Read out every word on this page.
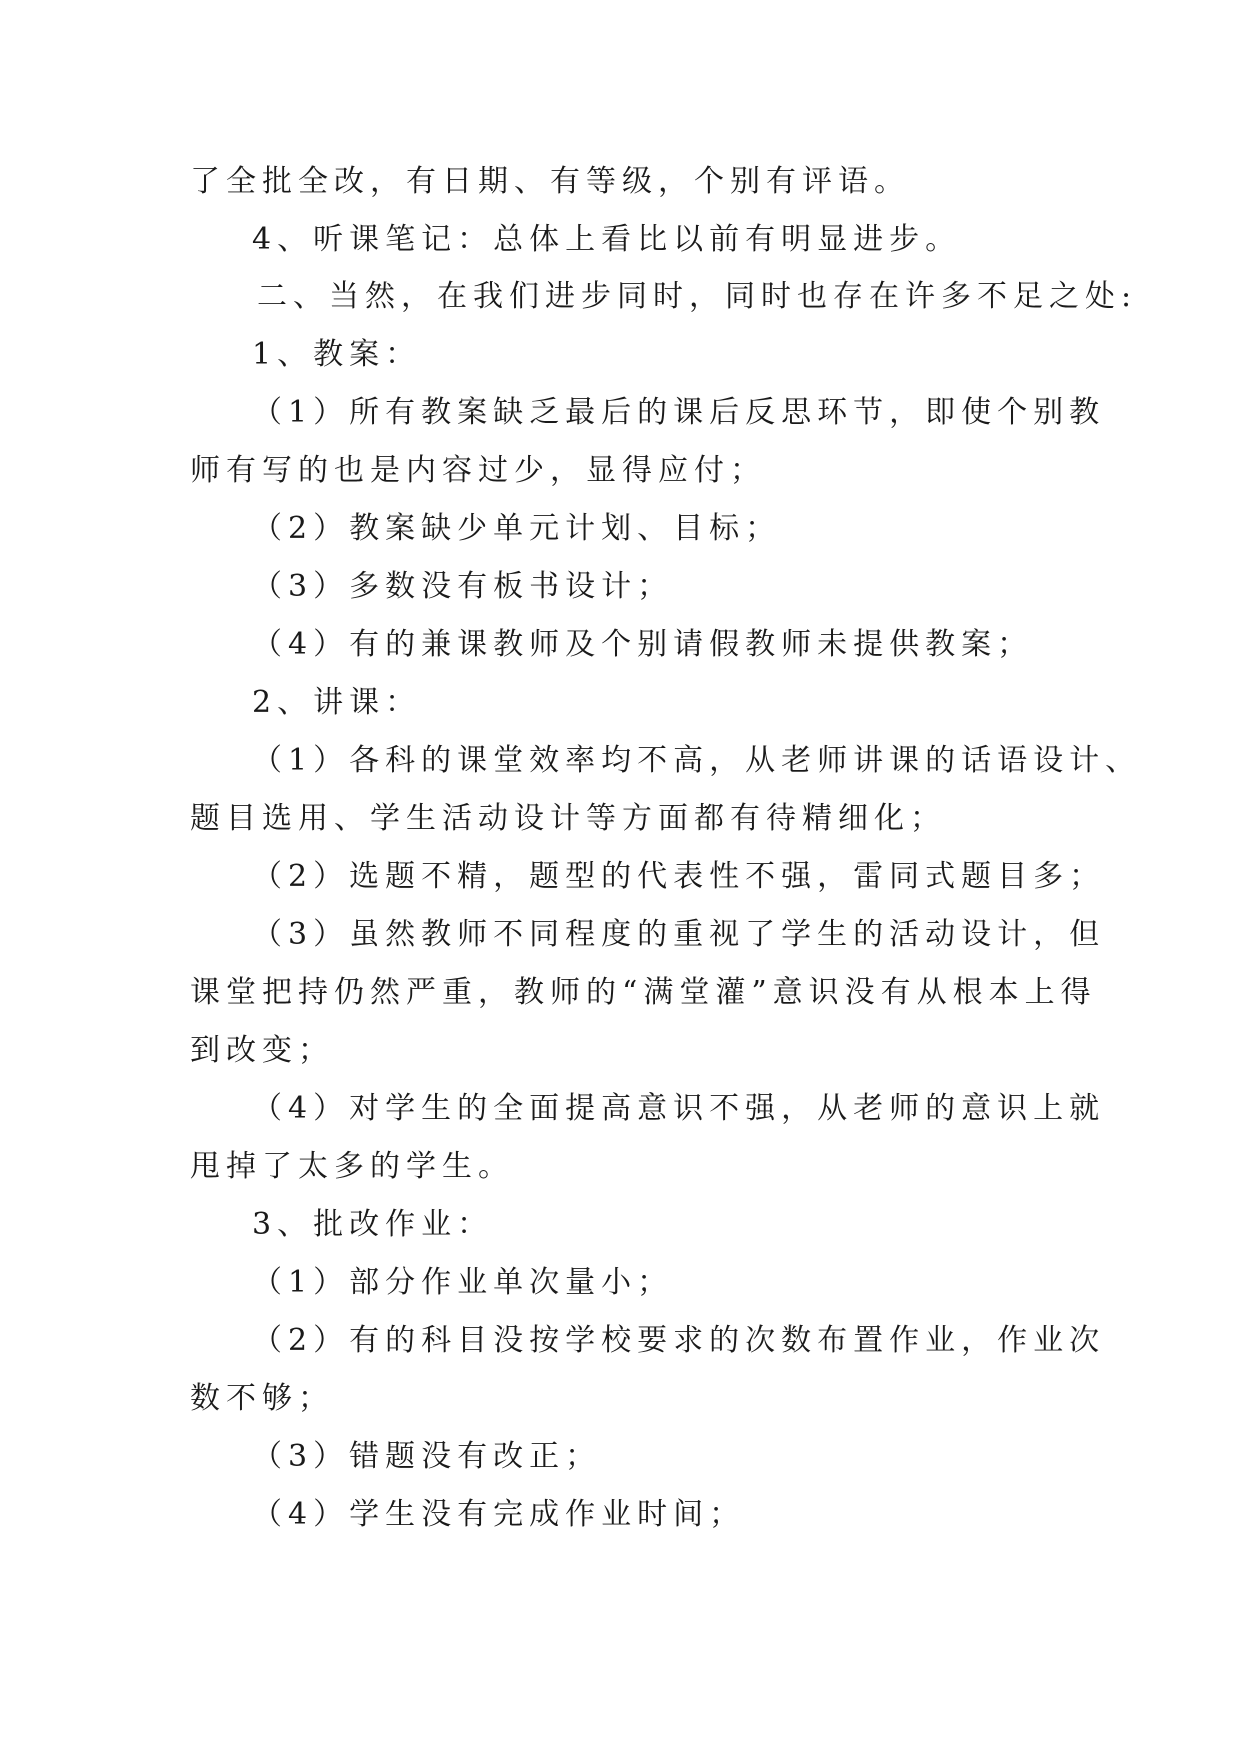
了全批全改，有日期、有等级，个别有评语。
4、听课笔记：总体上看比以前有明显进步。
二、当然，在我们进步同时，同时也存在许多不足之处:
1、教案：
（1）所有教案缺乏最后的课后反思环节，即使个别教
师有写的也是内容过少，显得应付；
（2）教案缺少单元计划、目标；
（3）多数没有板书设计；
（4）有的兼课教师及个别请假教师未提供教案；
2、讲课：
（1）各科的课堂效率均不高，从老师讲课的话语设计、
题目选用、学生活动设计等方面都有待精细化；
（2）选题不精，题型的代表性不强，雷同式题目多；
（3）虽然教师不同程度的重视了学生的活动设计，但
课堂把持仍然严重，教师的“满堂灌”意识没有从根本上得
到改变；
（4）对学生的全面提高意识不强，从老师的意识上就
甩掉了太多的学生。
3、批改作业：
（1）部分作业单次量小；
（2）有的科目没按学校要求的次数布置作业，作业次
数不够；
（3）错题没有改正；
（4）学生没有完成作业时间；
